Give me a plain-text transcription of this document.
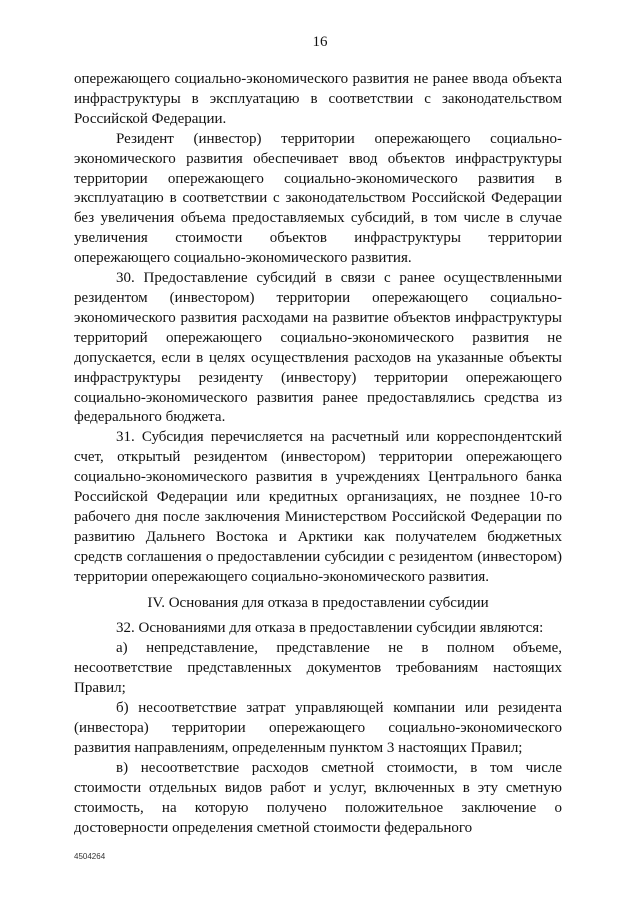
16

опережающего социально-экономического развития не ранее ввода объекта инфраструктуры в эксплуатацию в соответствии с законодательством Российской Федерации.

Резидент (инвестор) территории опережающего социально-экономического развития обеспечивает ввод объектов инфраструктуры территории опережающего социально-экономического развития в эксплуатацию в соответствии с законодательством Российской Федерации без увеличения объема предоставляемых субсидий, в том числе в случае увеличения стоимости объектов инфраструктуры территории опережающего социально-экономического развития.

30. Предоставление субсидий в связи с ранее осуществленными резидентом (инвестором) территории опережающего социально-экономического развития расходами на развитие объектов инфраструктуры территорий опережающего социально-экономического развития не допускается, если в целях осуществления расходов на указанные объекты инфраструктуры резиденту (инвестору) территории опережающего социально-экономического развития ранее предоставлялись средства из федерального бюджета.

31. Субсидия перечисляется на расчетный или корреспондентский счет, открытый резидентом (инвестором) территории опережающего социально-экономического развития в учреждениях Центрального банка Российской Федерации или кредитных организациях, не позднее 10-го рабочего дня после заключения Министерством Российской Федерации по развитию Дальнего Востока и Арктики как получателем бюджетных средств соглашения о предоставлении субсидии с резидентом (инвестором) территории опережающего социально-экономического развития.

IV. Основания для отказа в предоставлении субсидии

32. Основаниями для отказа в предоставлении субсидии являются:

а) непредставление, представление не в полном объеме, несоответствие представленных документов требованиям настоящих Правил;

б) несоответствие затрат управляющей компании или резидента (инвестора) территории опережающего социально-экономического развития направлениям, определенным пунктом 3 настоящих Правил;

в) несоответствие расходов сметной стоимости, в том числе стоимости отдельных видов работ и услуг, включенных в эту сметную стоимость, на которую получено положительное заключение о достоверности определения сметной стоимости федерального

4504264
